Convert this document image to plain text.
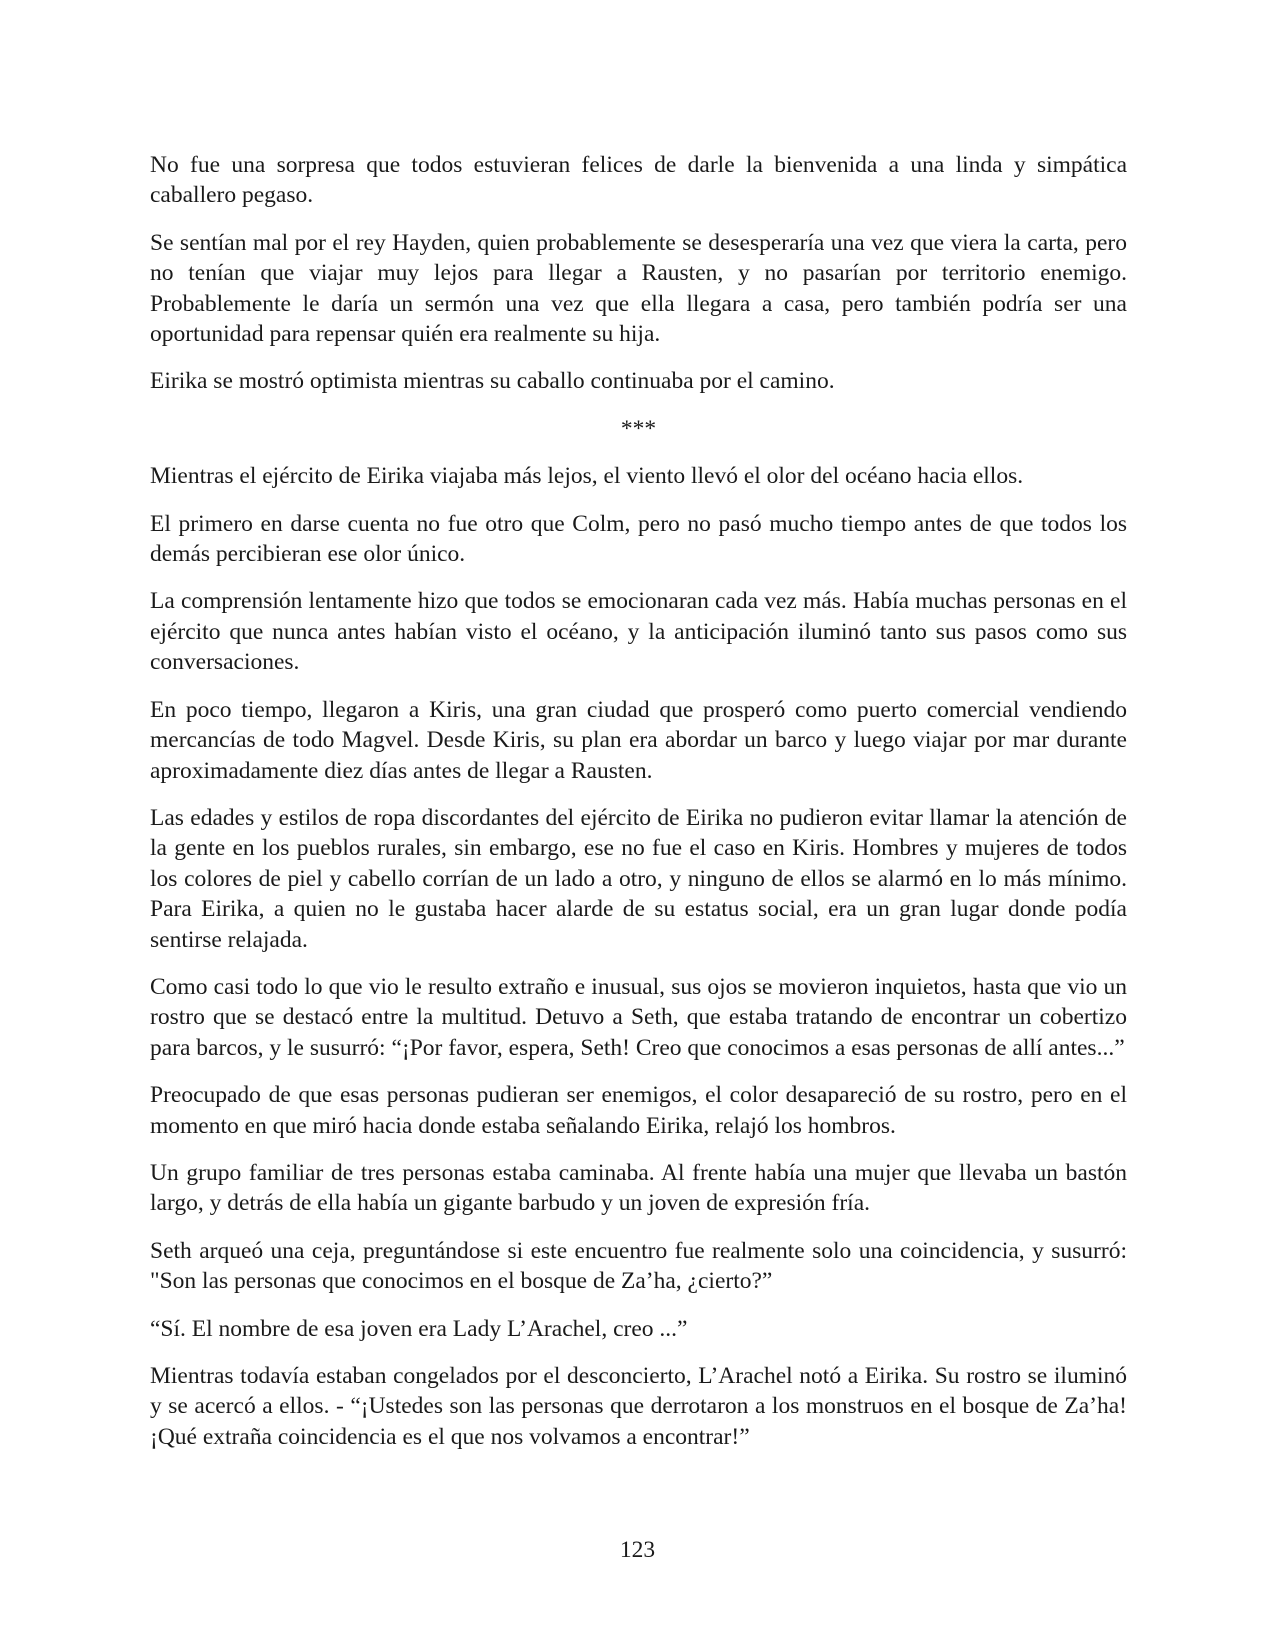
No fue una sorpresa que todos estuvieran felices de darle la bienvenida a una linda y simpática caballero pegaso.

Se sentían mal por el rey Hayden, quien probablemente se desesperaría una vez que viera la carta, pero no tenían que viajar muy lejos para llegar a Rausten, y no pasarían por territorio enemigo. Probablemente le daría un sermón una vez que ella llegara a casa, pero también podría ser una oportunidad para repensar quién era realmente su hija.

Eirika se mostró optimista mientras su caballo continuaba por el camino.

***

Mientras el ejército de Eirika viajaba más lejos, el viento llevó el olor del océano hacia ellos.

El primero en darse cuenta no fue otro que Colm, pero no pasó mucho tiempo antes de que todos los demás percibieran ese olor único.

La comprensión lentamente hizo que todos se emocionaran cada vez más. Había muchas personas en el ejército que nunca antes habían visto el océano, y la anticipación iluminó tanto sus pasos como sus conversaciones.

En poco tiempo, llegaron a Kiris, una gran ciudad que prosperó como puerto comercial vendiendo mercancías de todo Magvel. Desde Kiris, su plan era abordar un barco y luego viajar por mar durante aproximadamente diez días antes de llegar a Rausten.

Las edades y estilos de ropa discordantes del ejército de Eirika no pudieron evitar llamar la atención de la gente en los pueblos rurales, sin embargo, ese no fue el caso en Kiris. Hombres y mujeres de todos los colores de piel y cabello corrían de un lado a otro, y ninguno de ellos se alarmó en lo más mínimo. Para Eirika, a quien no le gustaba hacer alarde de su estatus social, era un gran lugar donde podía sentirse relajada.

Como casi todo lo que vio le resulto extraño e inusual, sus ojos se movieron inquietos, hasta que vio un rostro que se destacó entre la multitud. Detuvo a Seth, que estaba tratando de encontrar un cobertizo para barcos, y le susurró: “¡Por favor, espera, Seth! Creo que conocimos a esas personas de allí antes...”

Preocupado de que esas personas pudieran ser enemigos, el color desapareció de su rostro, pero en el momento en que miró hacia donde estaba señalando Eirika, relajó los hombros.

Un grupo familiar de tres personas estaba caminaba. Al frente había una mujer que llevaba un bastón largo, y detrás de ella había un gigante barbudo y un joven de expresión fría.

Seth arqueó una ceja, preguntándose si este encuentro fue realmente solo una coincidencia, y susurró: "Son las personas que conocimos en el bosque de Za’ha, ¿cierto?”

“Sí. El nombre de esa joven era Lady L’Arachel, creo ...”

Mientras todavía estaban congelados por el desconcierto, L’Arachel notó a Eirika. Su rostro se iluminó y se acercó a ellos. - “¡Ustedes son las personas que derrotaron a los monstruos en el bosque de Za’ha! ¡Qué extraña coincidencia es el que nos volvamos a encontrar!”

123
